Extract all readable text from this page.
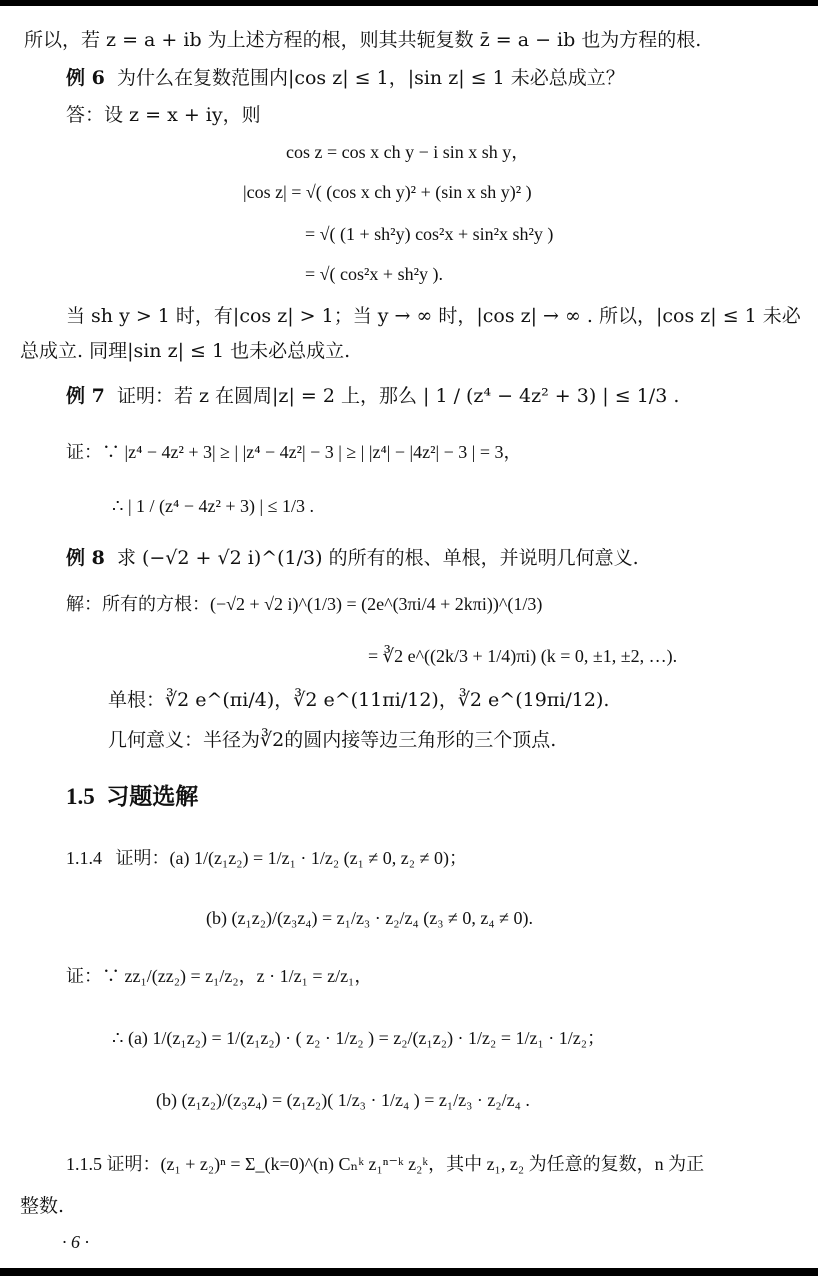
所以，若 z = a + ib 为上述方程的根，则其共轭复数 z̄ = a − ib 也为方程的根.
例 6 为什么在复数范围内|cos z| ≤ 1，|sin z| ≤ 1 未必总成立？
答：设 z = x + iy，则
cos z = cos x ch y − i sin x sh y，
|cos z| = √( (cos x ch y)² + (sin x sh y)² )
= √( (1 + sh²y) cos²x + sin²x sh²y )
= √( cos²x + sh²y ).
当 sh y > 1 时，有|cos z| > 1；当 y → ∞ 时，|cos z| → ∞ . 所以，|cos z| ≤ 1 未必
总成立. 同理|sin z| ≤ 1 也未必总成立.
例 7 证明：若 z 在圆周|z| = 2 上，那么 | 1 / (z⁴ − 4z² + 3) | ≤ 1/3 .
证：∵ |z⁴ − 4z² + 3| ≥ | |z⁴ − 4z²| − 3 | ≥ | |z⁴| − |4z²| − 3 | = 3，
∴ | 1 / (z⁴ − 4z² + 3) | ≤ 1/3 .
例 8 求 (−√2 + √2 i)^(1/3) 的所有的根、单根，并说明几何意义.
解：所有的方根：(−√2 + √2 i)^(1/3) = (2e^(3πi/4 + 2kπi))^(1/3)
= ∛2 e^((2k/3 + 1/4)πi) (k = 0, ±1, ±2, …).
单根：∛2 e^(πi/4)，∛2 e^(11πi/12)，∛2 e^(19πi/12).
几何意义：半径为∛2的圆内接等边三角形的三个顶点.
1.5 习题选解
1.1.4 证明：(a) 1/(z₁z₂) = 1/z₁ · 1/z₂ (z₁ ≠ 0, z₂ ≠ 0)；
(b) (z₁z₂)/(z₃z₄) = z₁/z₃ · z₂/z₄ (z₃ ≠ 0, z₄ ≠ 0).
证：∵ zz₁/(zz₂) = z₁/z₂，z · 1/z₁ = z/z₁，
∴ (a) 1/(z₁z₂) = 1/(z₁z₂) · ( z₂ · 1/z₂ ) = z₂/(z₁z₂) · 1/z₂ = 1/z₁ · 1/z₂；
(b) (z₁z₂)/(z₃z₄) = (z₁z₂)( 1/z₃ · 1/z₄ ) = z₁/z₃ · z₂/z₄ .
1.1.5 证明：(z₁ + z₂)ⁿ = Σ_(k=0)^(n) Cₙᵏ z₁ⁿ⁻ᵏ z₂ᵏ，其中 z₁, z₂ 为任意的复数，n 为正
整数.
· 6 ·
